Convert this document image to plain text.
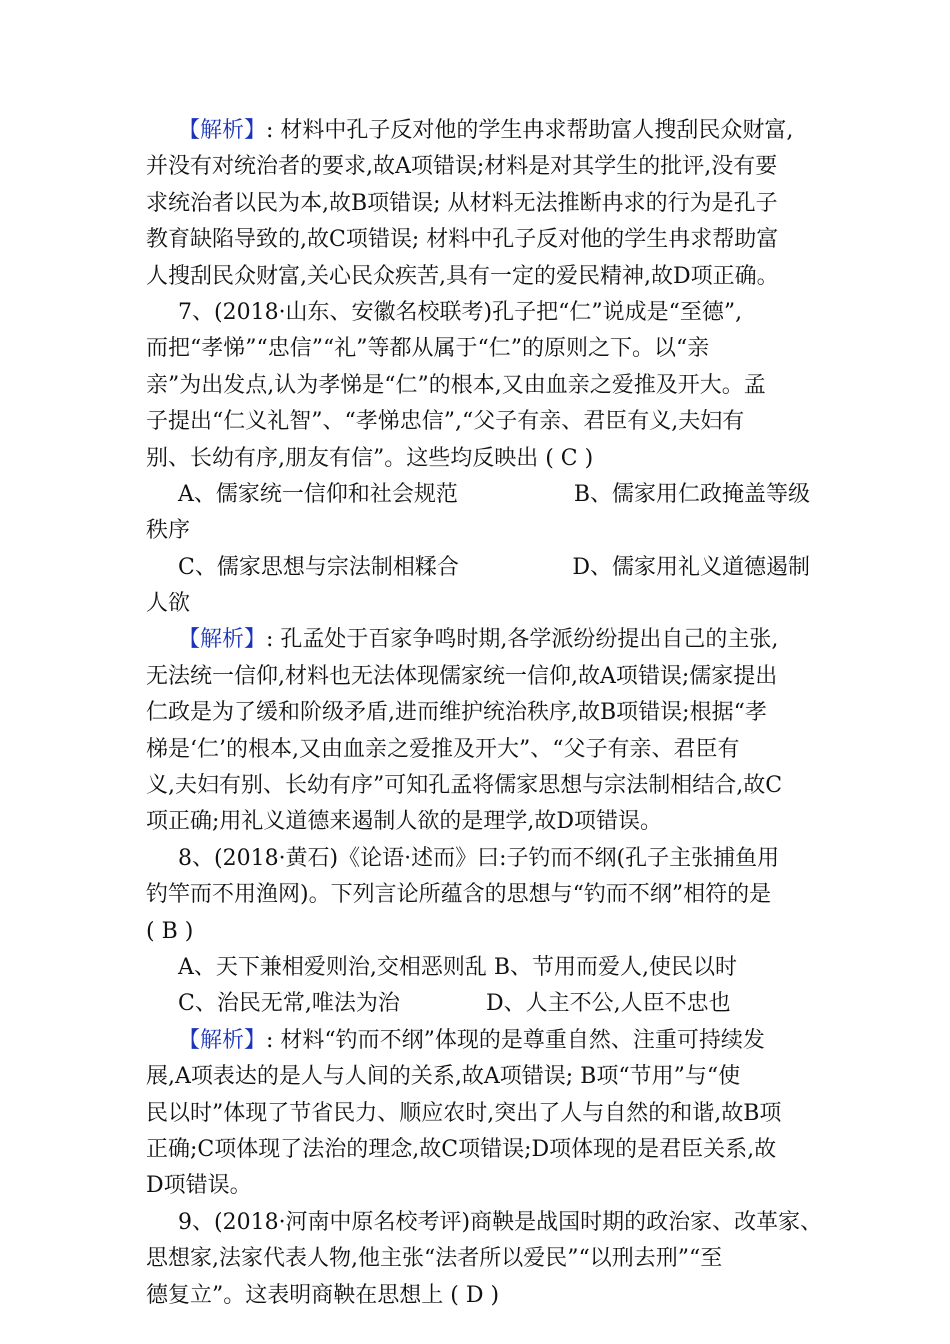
【解析】: 材料中孔子反对他的学生冉求帮助富人搜刮民众财富,
并没有对统治者的要求,故A项错误;材料是对其学生的批评,没有要
求统治者以民为本,故B项错误; 从材料无法推断冉求的行为是孔子
教育缺陷导致的,故C项错误; 材料中孔子反对他的学生冉求帮助富
人搜刮民众财富,关心民众疾苦,具有一定的爱民精神,故D项正确。
7、(2018·山东、安徽名校联考)孔子把“仁”说成是“至德”,
而把“孝悌”“忠信”“礼”等都从属于“仁”的原则之下。以“亲
亲”为出发点,认为孝悌是“仁”的根本,又由血亲之爱推及开大。孟
子提出“仁义礼智”、“孝悌忠信”,“父子有亲、君臣有义,夫妇有
别、长幼有序,朋友有信”。这些均反映出 ( C )
A、儒家统一信仰和社会规范	B、儒家用仁政掩盖等级
秩序
C、儒家思想与宗法制相糅合	D、儒家用礼义道德遏制
人欲
【解析】: 孔孟处于百家争鸣时期,各学派纷纷提出自己的主张,
无法统一信仰,材料也无法体现儒家统一信仰,故A项错误;儒家提出
仁政是为了缓和阶级矛盾,进而维护统治秩序,故B项错误;根据“孝
梯是‘仁’的根本,又由血亲之爱推及开大”、“父子有亲、君臣有
义,夫妇有别、长幼有序”可知孔孟将儒家思想与宗法制相结合,故C
项正确;用礼义道德来遏制人欲的是理学,故D项错误。
8、(2018·黄石)《论语·述而》曰:子钓而不纲(孔子主张捕鱼用
钓竿而不用渔网)。下列言论所蕴含的思想与“钓而不纲”相符的是
( B )
A、天下兼相爱则治,交相恶则乱 B、节用而爱人,使民以时
C、治民无常,唯法为治	D、人主不公,人臣不忠也
【解析】: 材料“钓而不纲”体现的是尊重自然、注重可持续发
展,A项表达的是人与人间的关系,故A项错误; B项“节用”与“使
民以时”体现了节省民力、顺应农时,突出了人与自然的和谐,故B项
正确;C项体现了法治的理念,故C项错误;D项体现的是君臣关系,故
D项错误。
9、(2018·河南中原名校考评)商鞅是战国时期的政治家、改革家、
思想家,法家代表人物,他主张“法者所以爱民”“以刑去刑”“至
德复立”。这表明商鞅在思想上 ( D )
